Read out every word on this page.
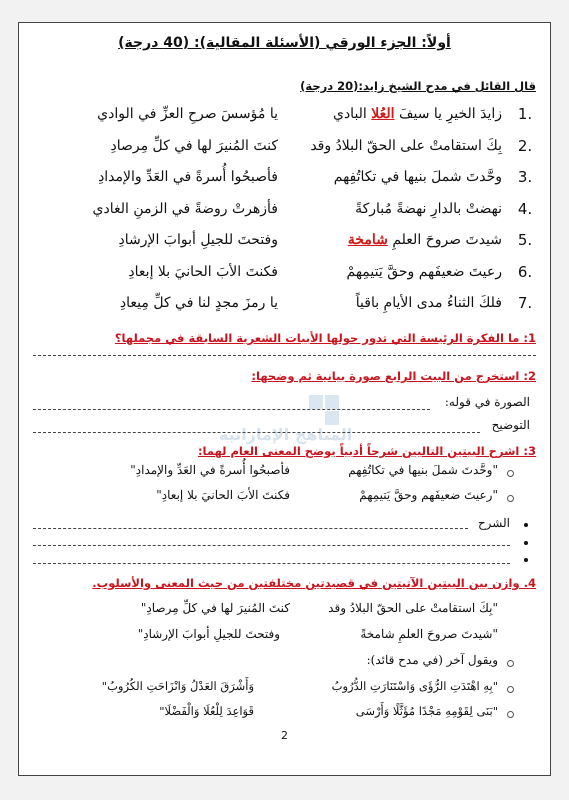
أولاً: الجزء الورقي (الأسئلة المقالية): (40 درجة)
قال القائل في مدح الشيخ زايد:(20 درجة)
1: ما الفكرة الرئيسة التي تدور حولها الأبيات الشعرية السابقة في مجملها؟
المناهج الإماراتية
2: استخرج من البيت الرابع صورة بيانية ثم وضحها:
الصورة في قوله:
التوضيح
3: اشرح البيتين التاليين شرحاً أدبياً يوضح المعنى العام لهما:
"وحَّدتَ شملَ بنيها في تكاتُفِهم
فأصبحُوا أُسرةً في العَدِّ والإمدادِ"
"رعيتَ ضعيفَهم وحقَّ يَتيمِهمْ
فكنتَ الأبَ الحانيَ بلا إبعادِ"
الشرح
4. وازن بين البيتين الآتيتين في قصيدتين مختلفتين من حيث المعنى والأسلوب.
"بِكَ استقامتْ على الحقّ البلادُ وقد
كنتَ المُنيرَ لها في كلِّ مِرصادِ"
"شيدتَ صروحَ العلمِ شامخةً
وفتحتَ للجيلِ أبوابَ الإرشادِ"
ويقول آخر (في مدح قائد):
"بِهِ اهْتَدَتِ الرُّؤَى وَاسْتَنَارَتِ الدُّرُوبُ
وَأَشْرَقَ العَدْلُ وَانْزَاحَتِ الكُرُوبُ"
"بَنَى لِقَوْمِهِ مَجْدًا مُؤَثَّلًا وَأَرْسَى
قَوَاعِدَ لِلْعُلَا وَالْفَضْلَا"
2
1.
زايدَ الخيرِ يا سيفَ العُلا البادي
يا مُؤسسَ صرحِ العزِّ في الوادي
2.
بِكَ استقامتْ على الحقّ البلادُ وقد
كنتَ المُنيرَ لها في كلِّ مِرصادِ
3.
وحَّدتَ شملَ بنيها في تكاتُفِهم
فأصبحُوا أُسرةً في العَدِّ والإمدادِ
4.
نهضتْ بالدارِ نهضةً مُباركةً
فأزهرتْ روضةً في الزمنِ الغادي
5.
شيدتَ صروحَ العلمِ شامخة
وفتحتَ للجيلِ أبوابَ الإرشادِ
6.
رعيتَ ضعيفَهم وحقَّ يَتيمِهمْ
فكنتَ الأبَ الحانيَ بلا إبعادِ
7.
فلكَ الثناءُ مدى الأيامِ باقياً
يا رمزَ مجدٍ لنا في كلِّ مِيعادِ
